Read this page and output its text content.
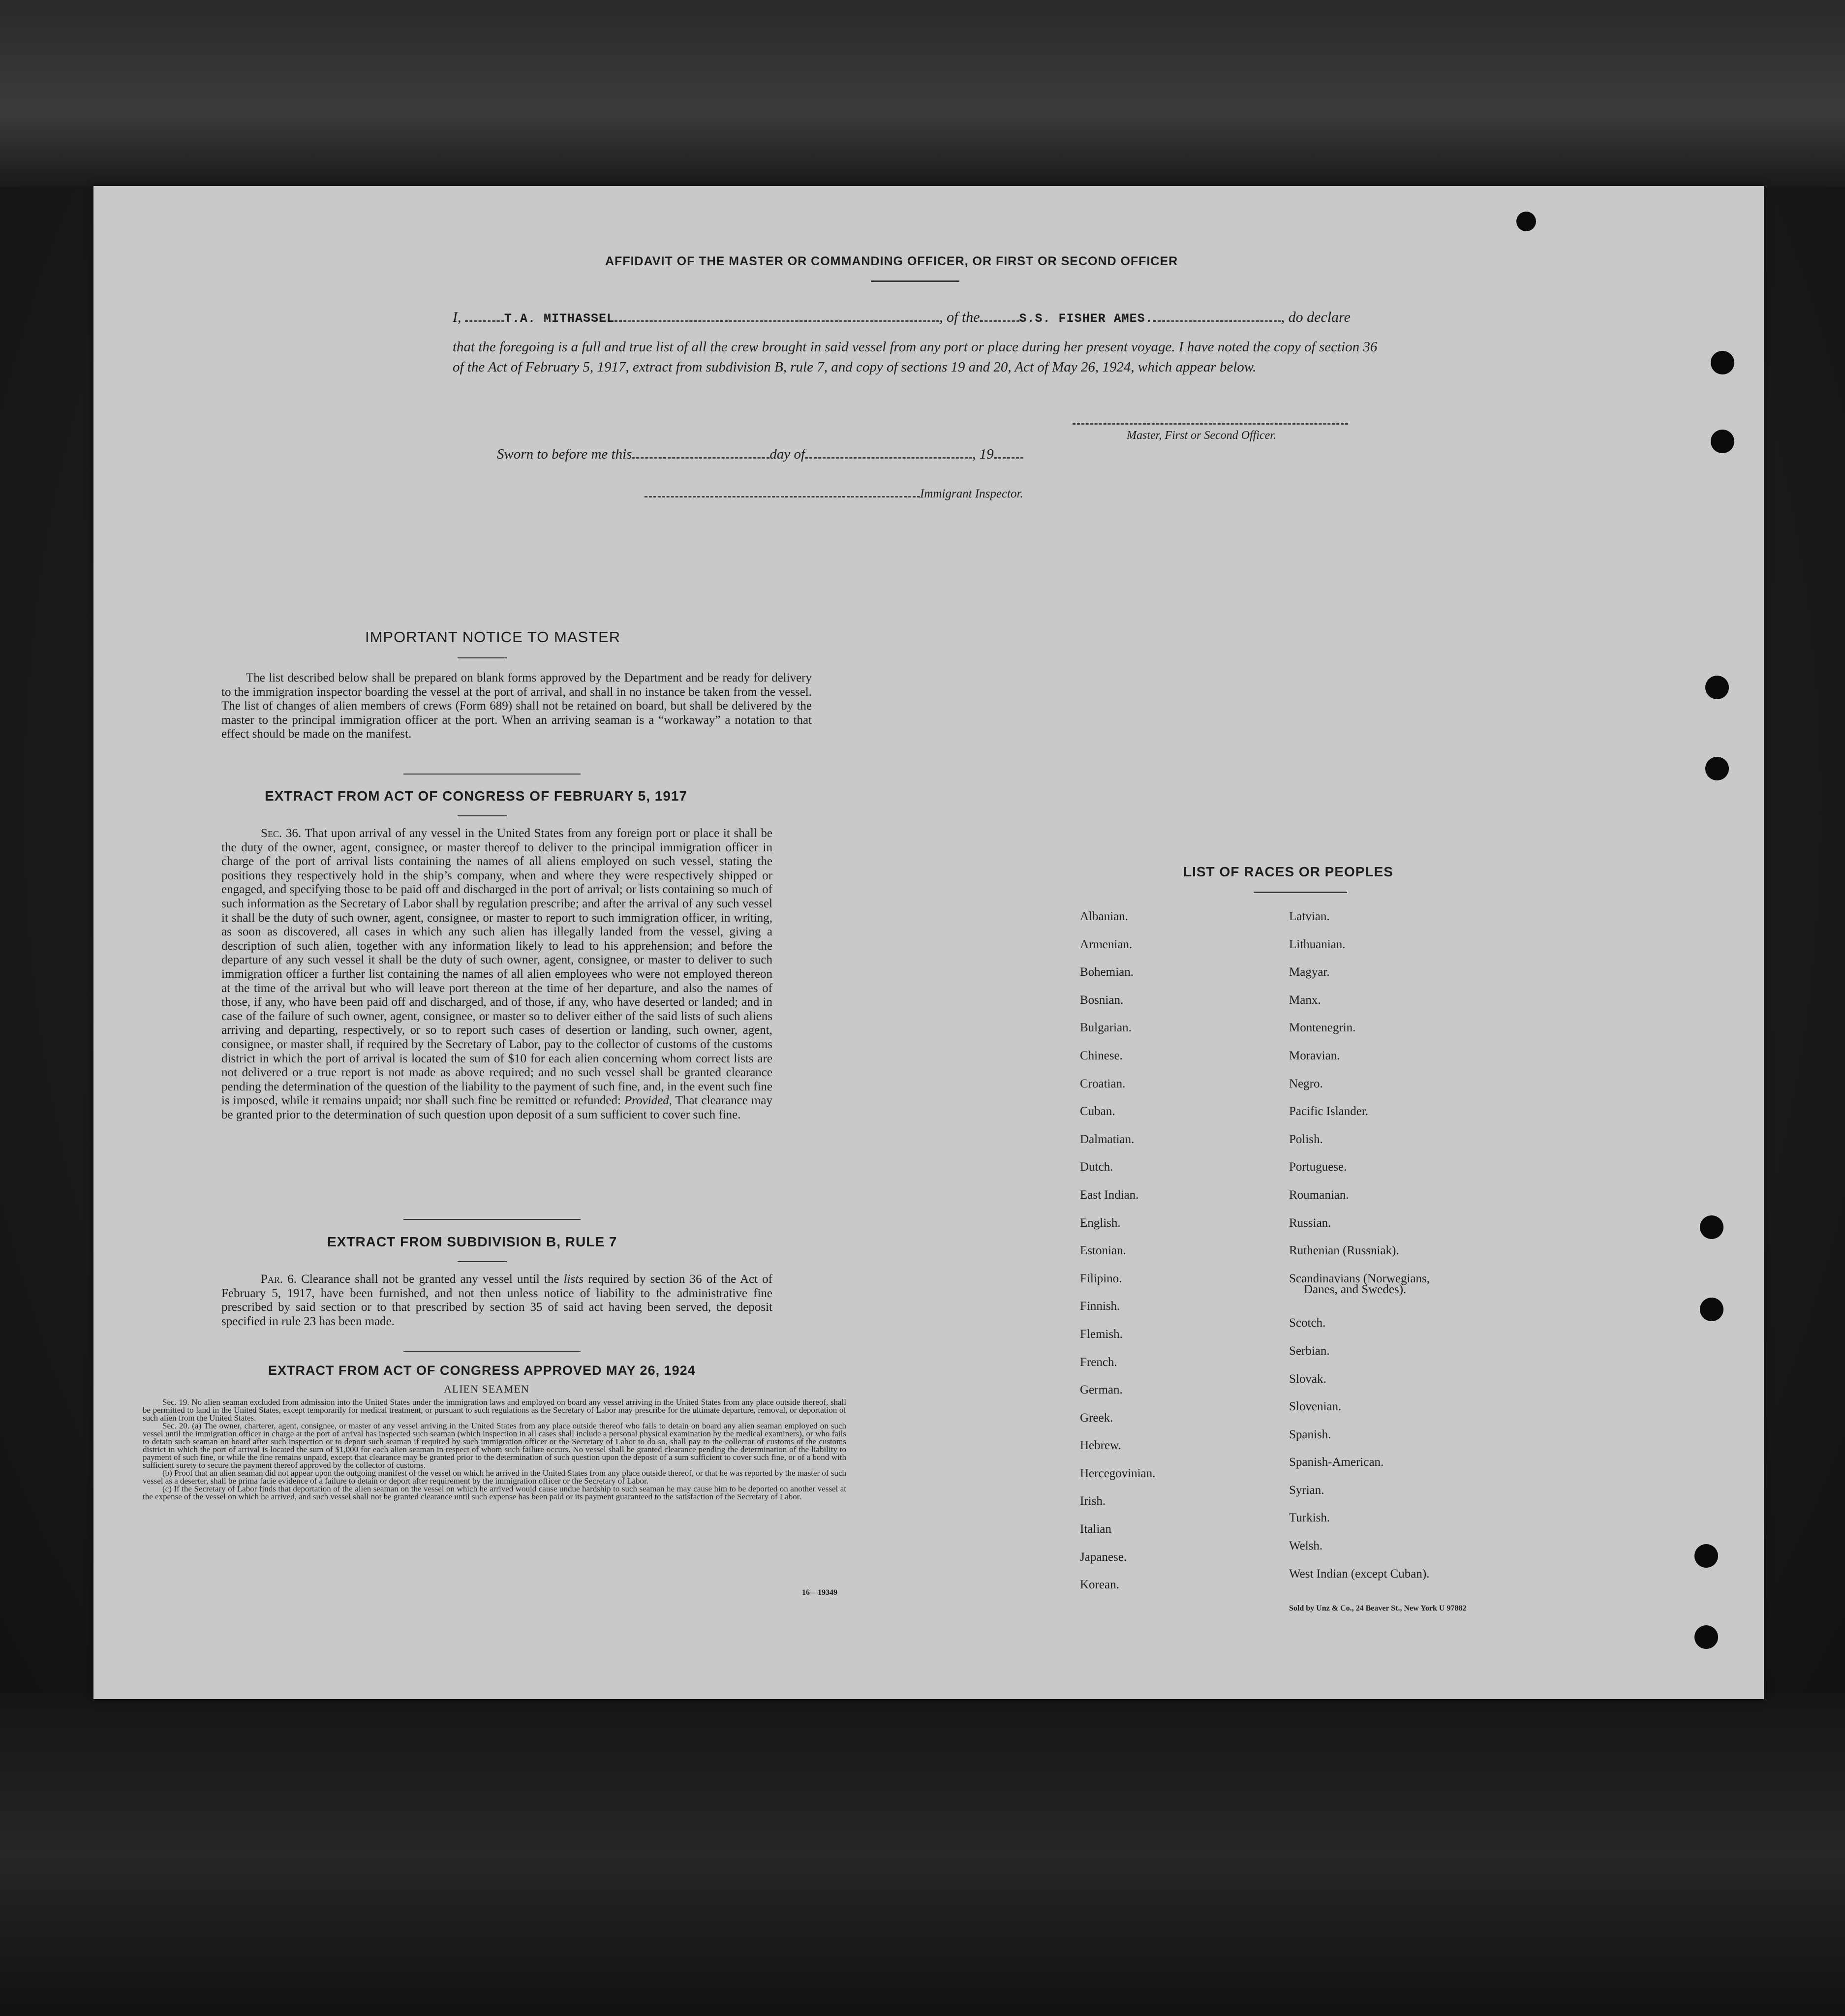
AFFIDAVIT OF THE MASTER OR COMMANDING OFFICER, OR FIRST OR SECOND OFFICER
I,	T.A. MITHASSEL	, of the	S.S. FISHER AMES.	, do declare
that the foregoing is a full and true list of all the crew brought in said vessel from any port or place during her present voyage. I have noted the copy of section 36 of the Act of February 5, 1917, extract from subdivision B, rule 7, and copy of sections 19 and 20, Act of May 26, 1924, which appear below.
Master, First or Second Officer.
Sworn to before me this	day of	, 19
Immigrant Inspector.
IMPORTANT NOTICE TO MASTER
The list described below shall be prepared on blank forms approved by the Department and be ready for delivery to the immigration inspector boarding the vessel at the port of arrival, and shall in no instance be taken from the vessel. The list of changes of alien members of crews (Form 689) shall not be retained on board, but shall be delivered by the master to the principal immigration officer at the port. When an arriving seaman is a “workaway” a notation to that effect should be made on the manifest.
EXTRACT FROM ACT OF CONGRESS OF FEBRUARY 5, 1917
Sec. 36. That upon arrival of any vessel in the United States from any foreign port or place it shall be the duty of the owner, agent, consignee, or master thereof to deliver to the principal immigration officer in charge of the port of arrival lists containing the names of all aliens employed on such vessel, stating the positions they respectively hold in the ship’s company, when and where they were respectively shipped or engaged, and specifying those to be paid off and discharged in the port of arrival; or lists containing so much of such information as the Secretary of Labor shall by regulation prescribe; and after the arrival of any such vessel it shall be the duty of such owner, agent, consignee, or master to report to such immigration officer, in writing, as soon as discovered, all cases in which any such alien has illegally landed from the vessel, giving a description of such alien, together with any information likely to lead to his apprehension; and before the departure of any such vessel it shall be the duty of such owner, agent, consignee, or master to deliver to such immigration officer a further list containing the names of all alien employees who were not employed thereon at the time of the arrival but who will leave port thereon at the time of her departure, and also the names of those, if any, who have been paid off and discharged, and of those, if any, who have deserted or landed; and in case of the failure of such owner, agent, consignee, or master so to deliver either of the said lists of such aliens arriving and departing, respectively, or so to report such cases of desertion or landing, such owner, agent, consignee, or master shall, if required by the Secretary of Labor, pay to the collector of customs of the customs district in which the port of arrival is located the sum of $10 for each alien concerning whom correct lists are not delivered or a true report is not made as above required; and no such vessel shall be granted clearance pending the determination of the question of the liability to the payment of such fine, and, in the event such fine is imposed, while it remains unpaid; nor shall such fine be remitted or refunded: Provided, That clearance may be granted prior to the determination of such question upon deposit of a sum sufficient to cover such fine.
EXTRACT FROM SUBDIVISION B, RULE 7
Par. 6. Clearance shall not be granted any vessel until the lists required by section 36 of the Act of February 5, 1917, have been furnished, and not then unless notice of liability to the administrative fine prescribed by said section or to that prescribed by section 35 of said act having been served, the deposit specified in rule 23 has been made.
EXTRACT FROM ACT OF CONGRESS APPROVED MAY 26, 1924
ALIEN SEAMEN
Sec. 19. No alien seaman excluded from admission into the United States under the immigration laws and employed on board any vessel arriving in the United States from any place outside thereof, shall be permitted to land in the United States, except temporarily for medical treatment, or pursuant to such regulations as the Secretary of Labor may prescribe for the ultimate departure, removal, or deportation of such alien from the United States.
Sec. 20. (a) The owner, charterer, agent, consignee, or master of any vessel arriving in the United States from any place outside thereof who fails to detain on board any alien seaman employed on such vessel until the immigration officer in charge at the port of arrival has inspected such seaman (which inspection in all cases shall include a personal physical examination by the medical examiners), or who fails to detain such seaman on board after such inspection or to deport such seaman if required by such immigration officer or the Secretary of Labor to do so, shall pay to the collector of customs of the customs district in which the port of arrival is located the sum of $1,000 for each alien seaman in respect of whom such failure occurs. No vessel shall be granted clearance pending the determination of the liability to payment of such fine, or while the fine remains unpaid, except that clearance may be granted prior to the determination of such question upon the deposit of a sum sufficient to cover such fine, or of a bond with sufficient surety to secure the payment thereof approved by the collector of customs.
(b) Proof that an alien seaman did not appear upon the outgoing manifest of the vessel on which he arrived in the United States from any place outside thereof, or that he was reported by the master of such vessel as a deserter, shall be prima facie evidence of a failure to detain or deport after requirement by the immigration officer or the Secretary of Labor.
(c) If the Secretary of Labor finds that deportation of the alien seaman on the vessel on which he arrived would cause undue hardship to such seaman he may cause him to be deported on another vessel at the expense of the vessel on which he arrived, and such vessel shall not be granted clearance until such expense has been paid or its payment guaranteed to the satisfaction of the Secretary of Labor.
16—19349
LIST OF RACES OR PEOPLES
Albanian.
Armenian.
Bohemian.
Bosnian.
Bulgarian.
Chinese.
Croatian.
Cuban.
Dalmatian.
Dutch.
East Indian.
English.
Estonian.
Filipino.
Finnish.
Flemish.
French.
German.
Greek.
Hebrew.
Hercegovinian.
Irish.
Italian
Japanese.
Korean.
Latvian.
Lithuanian.
Magyar.
Manx.
Montenegrin.
Moravian.
Negro.
Pacific Islander.
Polish.
Portuguese.
Roumanian.
Russian.
Ruthenian (Russniak).
Scandinavians (Norwegians,
Danes, and Swedes).
Scotch.
Serbian.
Slovak.
Slovenian.
Spanish.
Spanish-American.
Syrian.
Turkish.
Welsh.
West Indian (except Cuban).
Sold by Unz & Co., 24 Beaver St., New York U 97882
